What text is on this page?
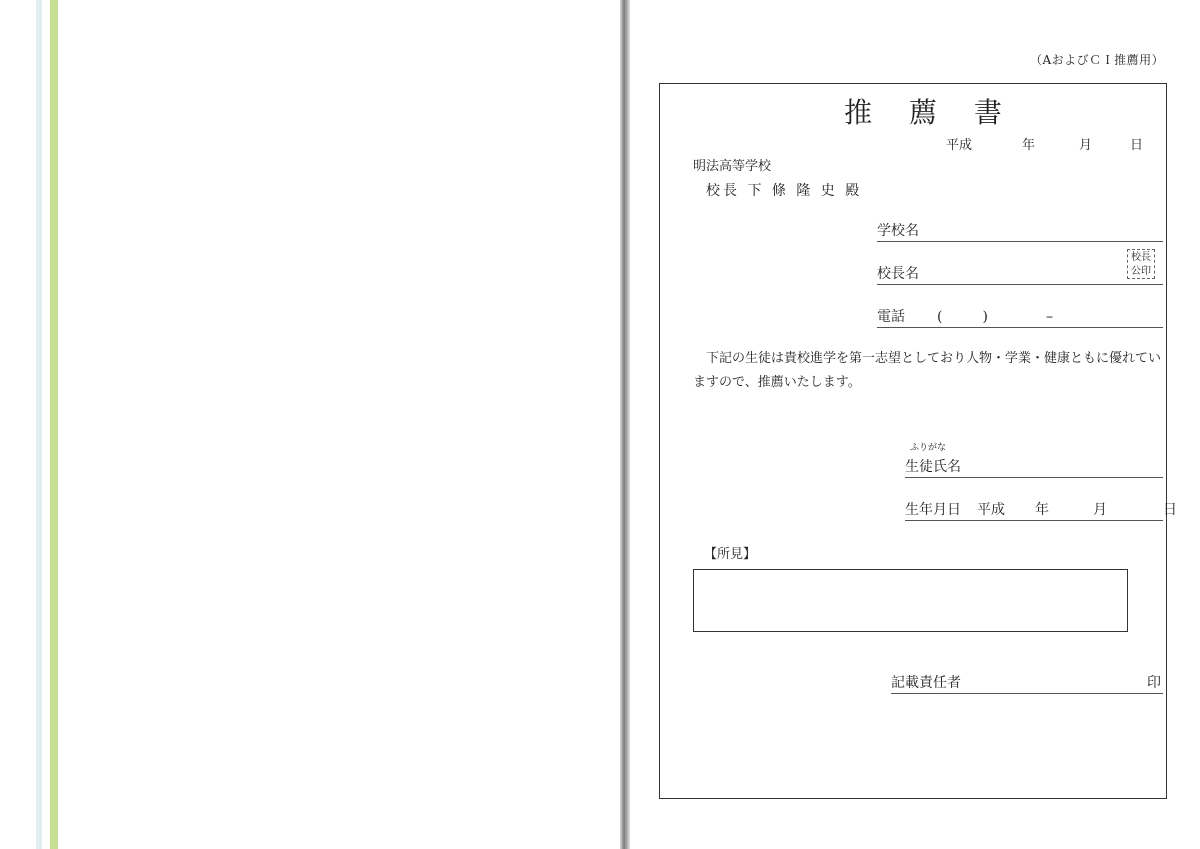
（AおよびＣＩ推薦用）
推 薦 書
平成	年	月	日
明法高等学校
校長 下 條 隆 史 殿
学校名
校長名
校長
公印
電話 (	)	–
下記の生徒は貴校進学を第一志望としており人物・学業・健康ともに優れていますので、推薦いたします。
ふりがな
生徒氏名
生年月日 平成 年	月	日
【所見】
記載責任者	印
